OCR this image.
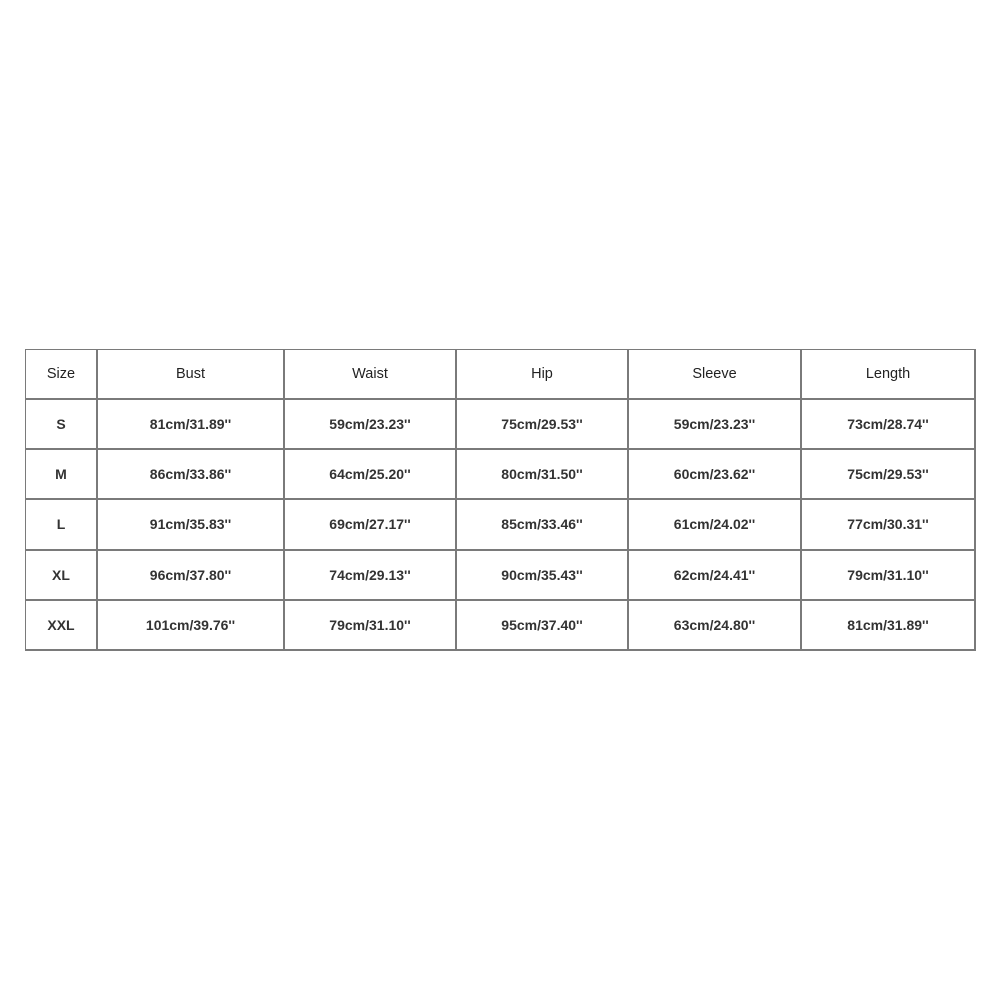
Size	Bust	Waist	Hip	Sleeve	Length
S	81cm/31.89''	59cm/23.23''	75cm/29.53''	59cm/23.23''	73cm/28.74''
M	86cm/33.86''	64cm/25.20''	80cm/31.50''	60cm/23.62''	75cm/29.53''
L	91cm/35.83''	69cm/27.17''	85cm/33.46''	61cm/24.02''	77cm/30.31''
XL	96cm/37.80''	74cm/29.13''	90cm/35.43''	62cm/24.41''	79cm/31.10''
XXL	101cm/39.76''	79cm/31.10''	95cm/37.40''	63cm/24.80''	81cm/31.89''
